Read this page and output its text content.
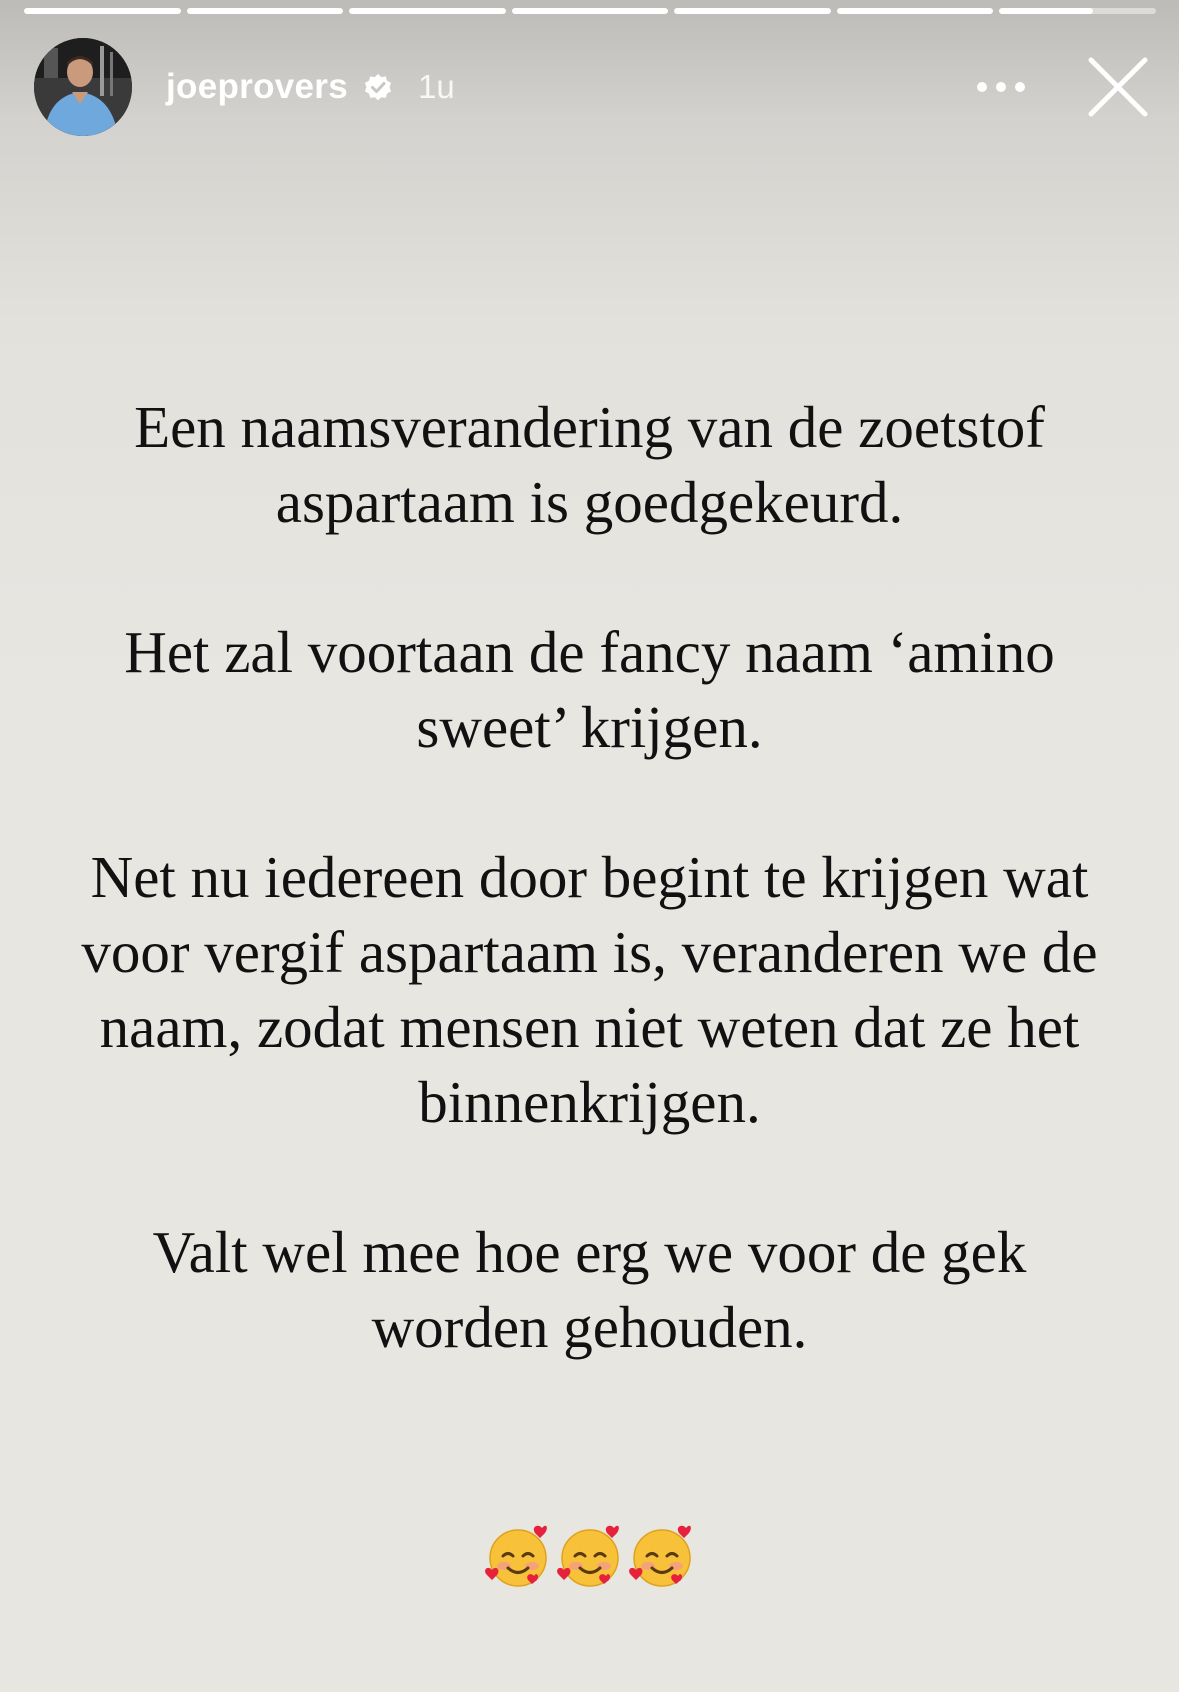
joeprovers 1u

Een naamsverandering van de zoetstof aspartaam is goedgekeurd.

Het zal voortaan de fancy naam ‘amino sweet’ krijgen.

Net nu iedereen door begint te krijgen wat voor vergif aspartaam is, veranderen we de naam, zodat mensen niet weten dat ze het binnenkrijgen.

Valt wel mee hoe erg we voor de gek worden gehouden.
